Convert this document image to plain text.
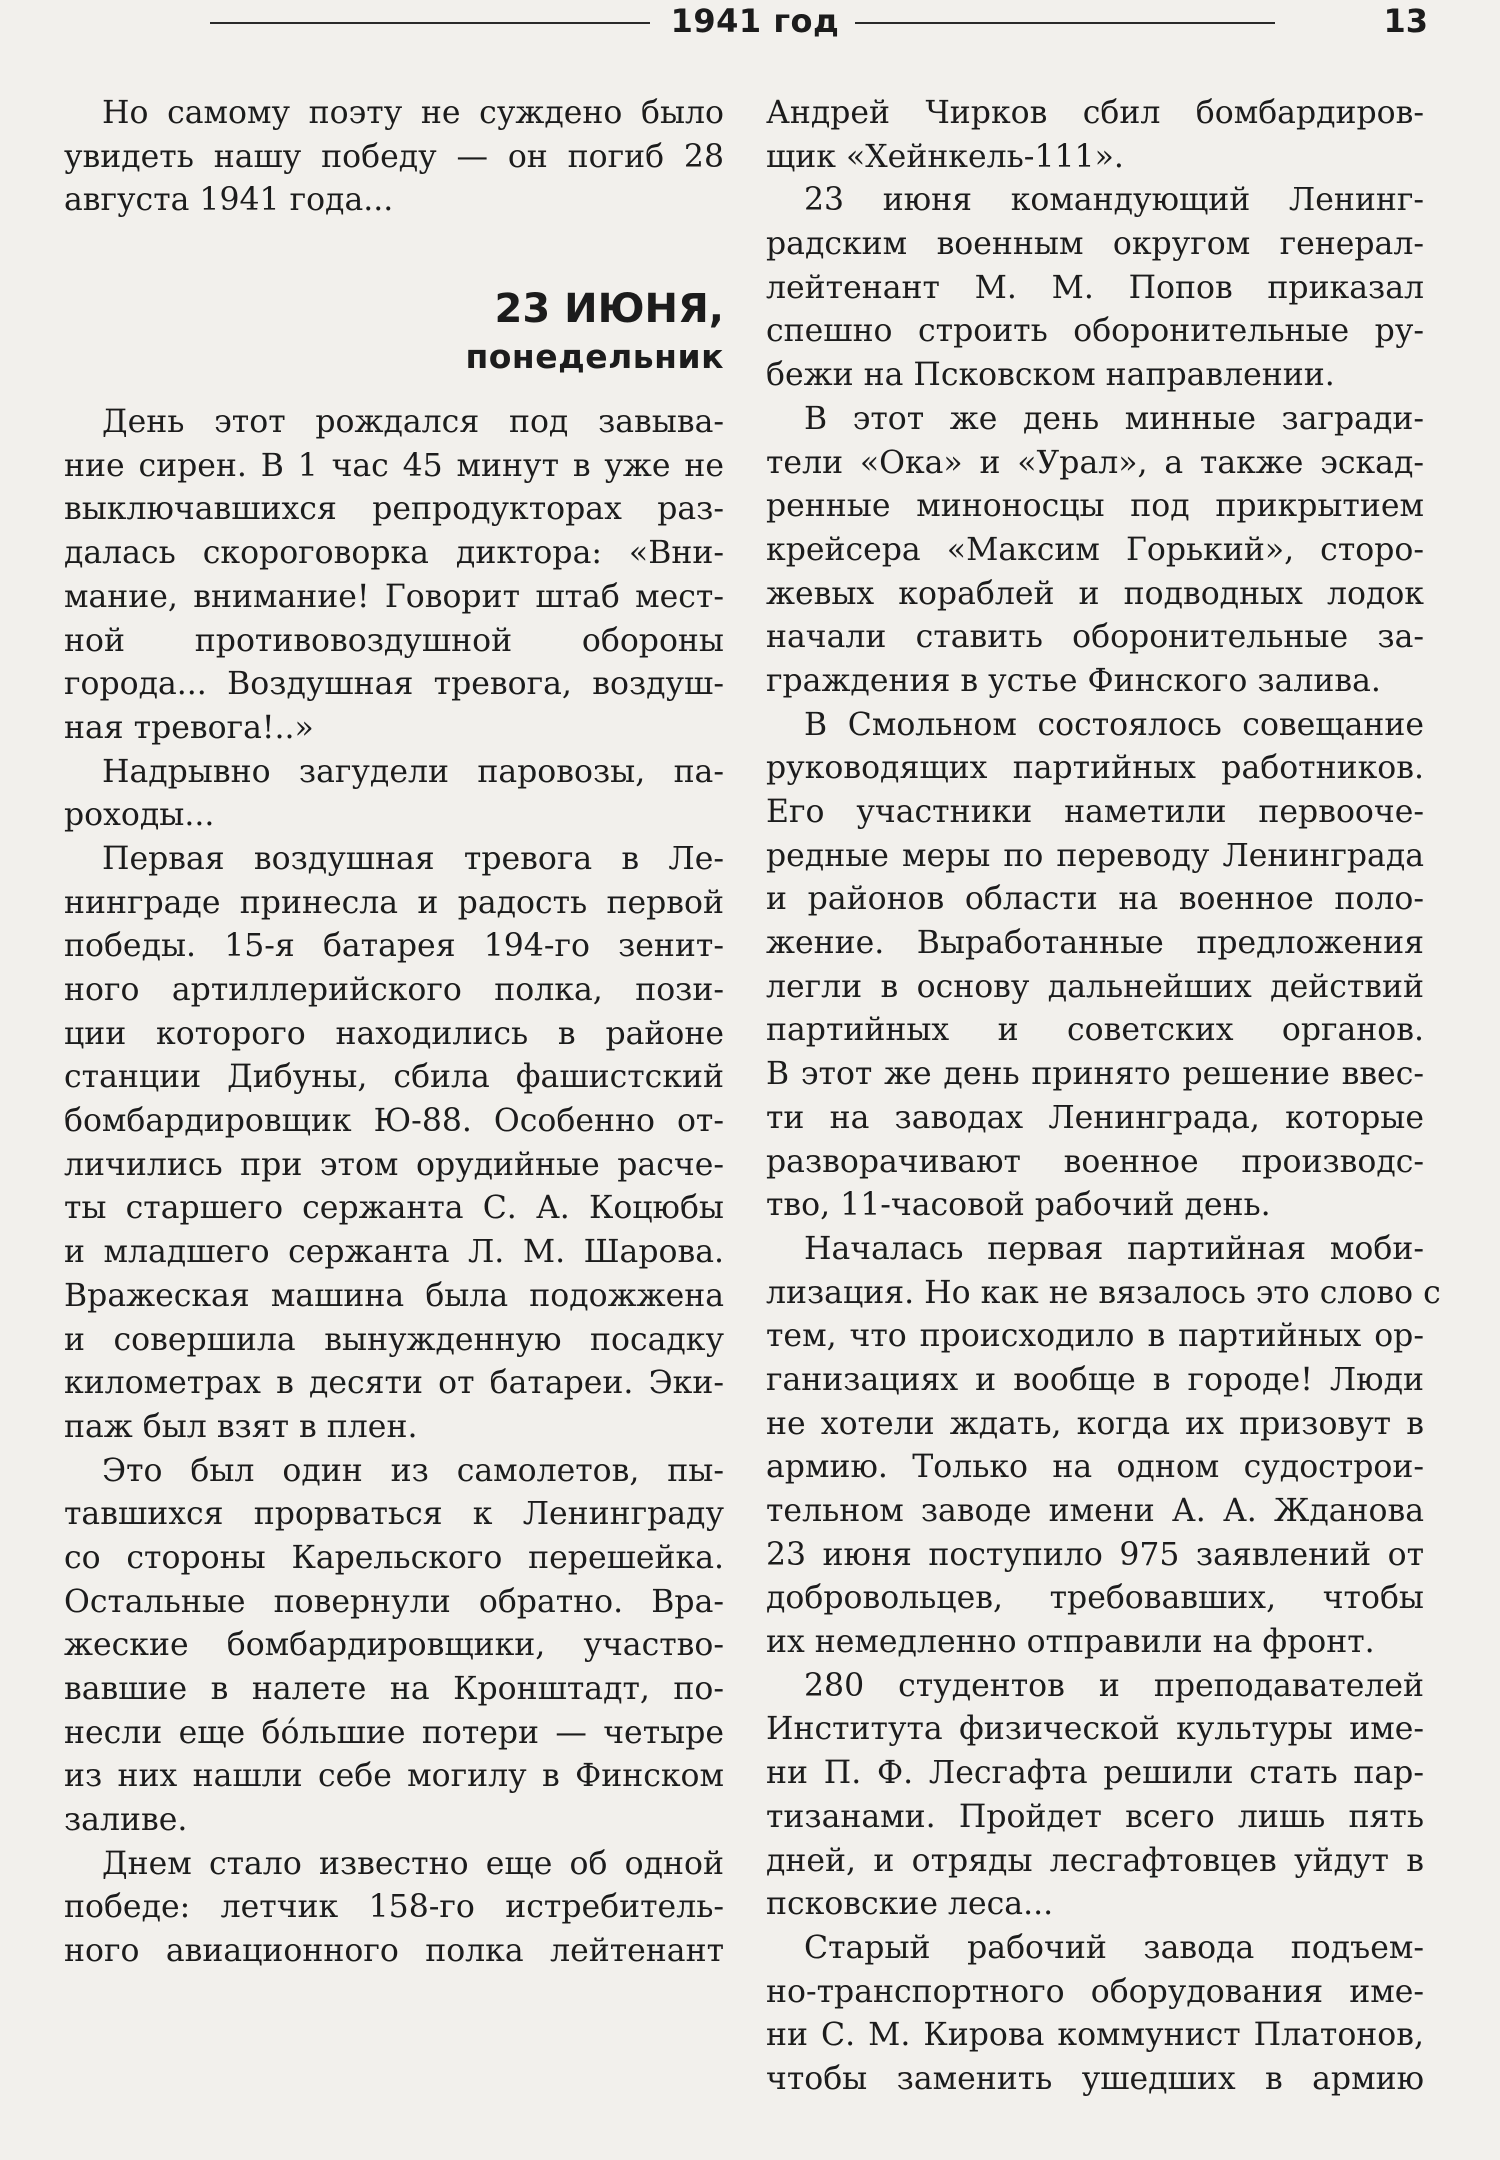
1941 год	13
Но самому поэту не суждено было
увидеть нашу победу — он погиб 28
августа 1941 года...
23 ИЮНЯ,
понедельник
День этот рождался под завыва-
ние сирен. В 1 час 45 минут в уже не
выключавшихся репродукторах раз-
далась скороговорка диктора: «Вни-
мание, внимание! Говорит штаб мест-
ной противовоздушной обороны
города... Воздушная тревога, воздуш-
ная тревога!..»
Надрывно загудели паровозы, па-
роходы...
Первая воздушная тревога в Ле-
нинграде принесла и радость первой
победы. 15-я батарея 194-го зенит-
ного артиллерийского полка, пози-
ции которого находились в районе
станции Дибуны, сбила фашистский
бомбардировщик Ю-88. Особенно от-
личились при этом орудийные расче-
ты старшего сержанта С. А. Коцюбы
и младшего сержанта Л. М. Шарова.
Вражеская машина была подожжена
и совершила вынужденную посадку
километрах в десяти от батареи. Эки-
паж был взят в плен.
Это был один из самолетов, пы-
тавшихся прорваться к Ленинграду
со стороны Карельского перешейка.
Остальные повернули обратно. Вра-
жеские бомбардировщики, участво-
вавшие в налете на Кронштадт, по-
несли еще бóльшие потери — четыре
из них нашли себе могилу в Финском
заливе.
Днем стало известно еще об одной
победе: летчик 158-го истребитель-
ного авиационного полка лейтенант
Андрей Чирков сбил бомбардиров-
щик «Хейнкель-111».
23 июня командующий Ленинг-
радским военным округом генерал-
лейтенант М. М. Попов приказал
спешно строить оборонительные ру-
бежи на Псковском направлении.
В этот же день минные загради-
тели «Ока» и «Урал», а также эскад-
ренные миноносцы под прикрытием
крейсера «Максим Горький», сторо-
жевых кораблей и подводных лодок
начали ставить оборонительные за-
граждения в устье Финского залива.
В Смольном состоялось совещание
руководящих партийных работников.
Его участники наметили первооче-
редные меры по переводу Ленинграда
и районов области на военное поло-
жение. Выработанные предложения
легли в основу дальнейших действий
партийных и советских органов.
В этот же день принято решение ввес-
ти на заводах Ленинграда, которые
разворачивают военное производс-
тво, 11-часовой рабочий день.
Началась первая партийная моби-
лизация. Но как не вязалось это слово с
тем, что происходило в партийных ор-
ганизациях и вообще в городе! Люди
не хотели ждать, когда их призовут в
армию. Только на одном судострои-
тельном заводе имени А. А. Жданова
23 июня поступило 975 заявлений от
добровольцев, требовавших, чтобы
их немедленно отправили на фронт.
280 студентов и преподавателей
Института физической культуры име-
ни П. Ф. Лесгафта решили стать пар-
тизанами. Пройдет всего лишь пять
дней, и отряды лесгафтовцев уйдут в
псковские леса...
Старый рабочий завода подъем-
но-транспортного оборудования име-
ни С. М. Кирова коммунист Платонов,
чтобы заменить ушедших в армию
